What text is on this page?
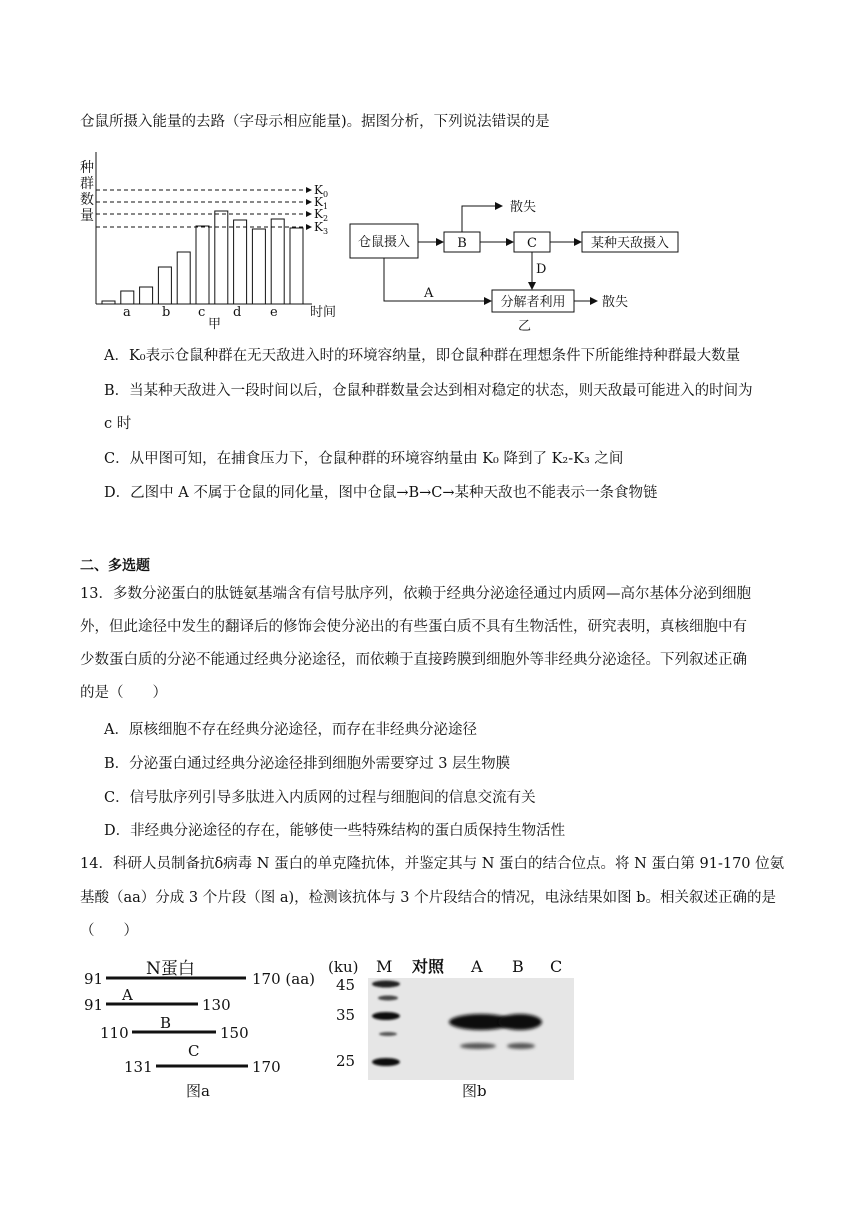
仓鼠所摄入能量的去路（字母示相应能量)。据图分析，下列说法错误的是
种
群
数
量
$K_0$
$K_1$
$K_2$
$K_3$
a b c d e 时间
甲
仓鼠摄入	B	C	某种天敌摄入
分解者利用
散失
D
A
散失
乙
A．K₀表示仓鼠种群在无天敌进入时的环境容纳量，即仓鼠种群在理想条件下所能维持种群最大数量
B．当某种天敌进入一段时间以后，仓鼠种群数量会达到相对稳定的状态，则天敌最可能进入的时间为
c 时
C．从甲图可知，在捕食压力下，仓鼠种群的环境容纳量由 K₀ 降到了 K₂-K₃ 之间
D．乙图中 A 不属于仓鼠的同化量，图中仓鼠→B→C→某种天敌也不能表示一条食物链
二、多选题
13．多数分泌蛋白的肽链氨基端含有信号肽序列，依赖于经典分泌途径通过内质网—高尔基体分泌到细胞
外，但此途径中发生的翻译后的修饰会使分泌出的有些蛋白质不具有生物活性，研究表明，真核细胞中有
少数蛋白质的分泌不能通过经典分泌途径，而依赖于直接跨膜到细胞外等非经典分泌途径。下列叙述正确
的是（　　）
A．原核细胞不存在经典分泌途径，而存在非经典分泌途径
B．分泌蛋白通过经典分泌途径排到细胞外需要穿过 3 层生物膜
C．信号肽序列引导多肽进入内质网的过程与细胞间的信息交流有关
D．非经典分泌途径的存在，能够使一些特殊结构的蛋白质保持生物活性
14．科研人员制备抗δ病毒 N 蛋白的单克隆抗体，并鉴定其与 N 蛋白的结合位点。将 N 蛋白第 91-170 位氨
基酸（aa）分成 3 个片段（图 a)，检测该抗体与 3 个片段结合的情况，电泳结果如图 b。相关叙述正确的是
（　　）
N蛋白
91	170 (aa)
A
91	130
B
110	150
C
131	170
图a
(ku) M 对照 A B C
45
35
25
图b
